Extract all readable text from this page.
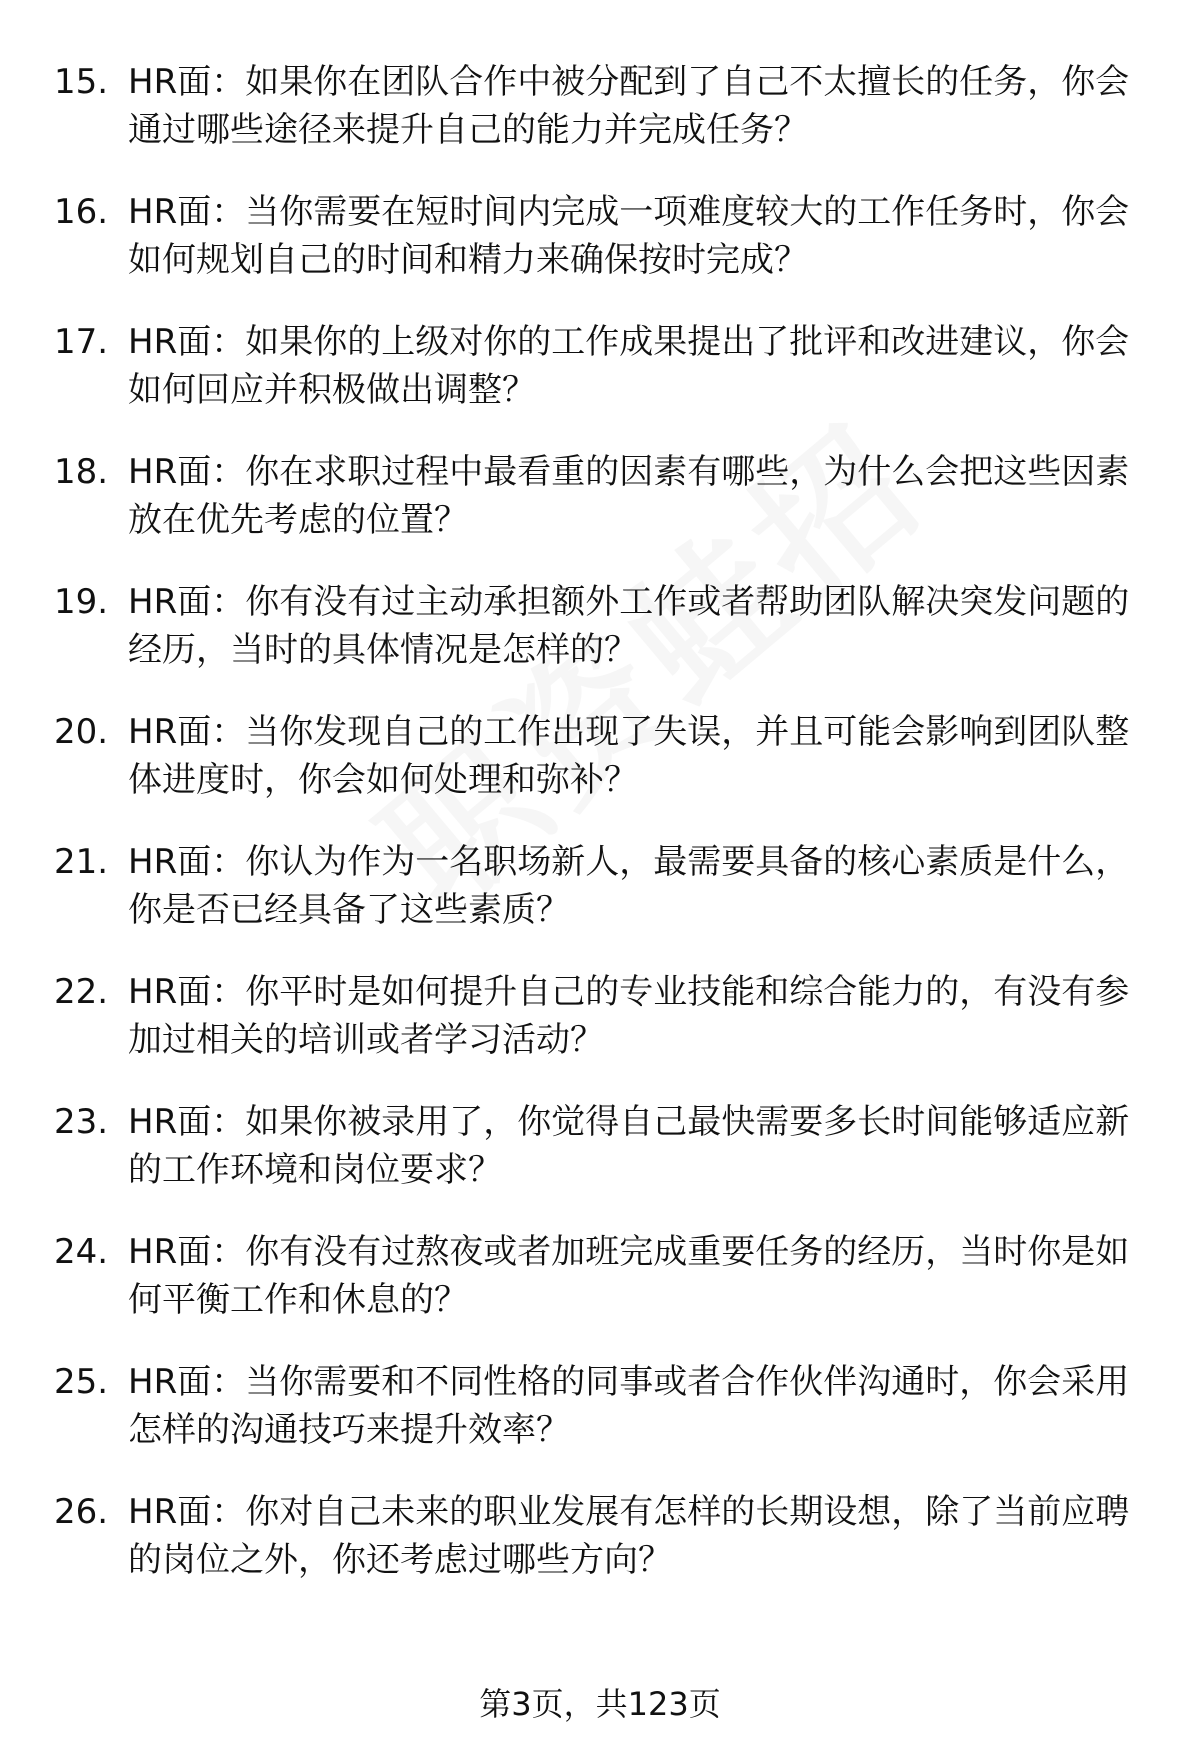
15. HR面：如果你在团队合作中被分配到了自己不太擅长的任务，你会通过哪些途径来提升自己的能力并完成任务？
16. HR面：当你需要在短时间内完成一项难度较大的工作任务时，你会如何规划自己的时间和精力来确保按时完成？
17. HR面：如果你的上级对你的工作成果提出了批评和改进建议，你会如何回应并积极做出调整？
18. HR面：你在求职过程中最看重的因素有哪些，为什么会把这些因素放在优先考虑的位置？
19. HR面：你有没有过主动承担额外工作或者帮助团队解决突发问题的经历，当时的具体情况是怎样的？
20. HR面：当你发现自己的工作出现了失误，并且可能会影响到团队整体进度时，你会如何处理和弥补？
21. HR面：你认为作为一名职场新人，最需要具备的核心素质是什么，你是否已经具备了这些素质？
22. HR面：你平时是如何提升自己的专业技能和综合能力的，有没有参加过相关的培训或者学习活动？
23. HR面：如果你被录用了，你觉得自己最快需要多长时间能够适应新的工作环境和岗位要求？
24. HR面：你有没有过熬夜或者加班完成重要任务的经历，当时你是如何平衡工作和休息的？
25. HR面：当你需要和不同性格的同事或者合作伙伴沟通时，你会采用怎样的沟通技巧来提升效率？
26. HR面：你对自己未来的职业发展有怎样的长期设想，除了当前应聘的岗位之外，你还考虑过哪些方向？
第3页，共123页
